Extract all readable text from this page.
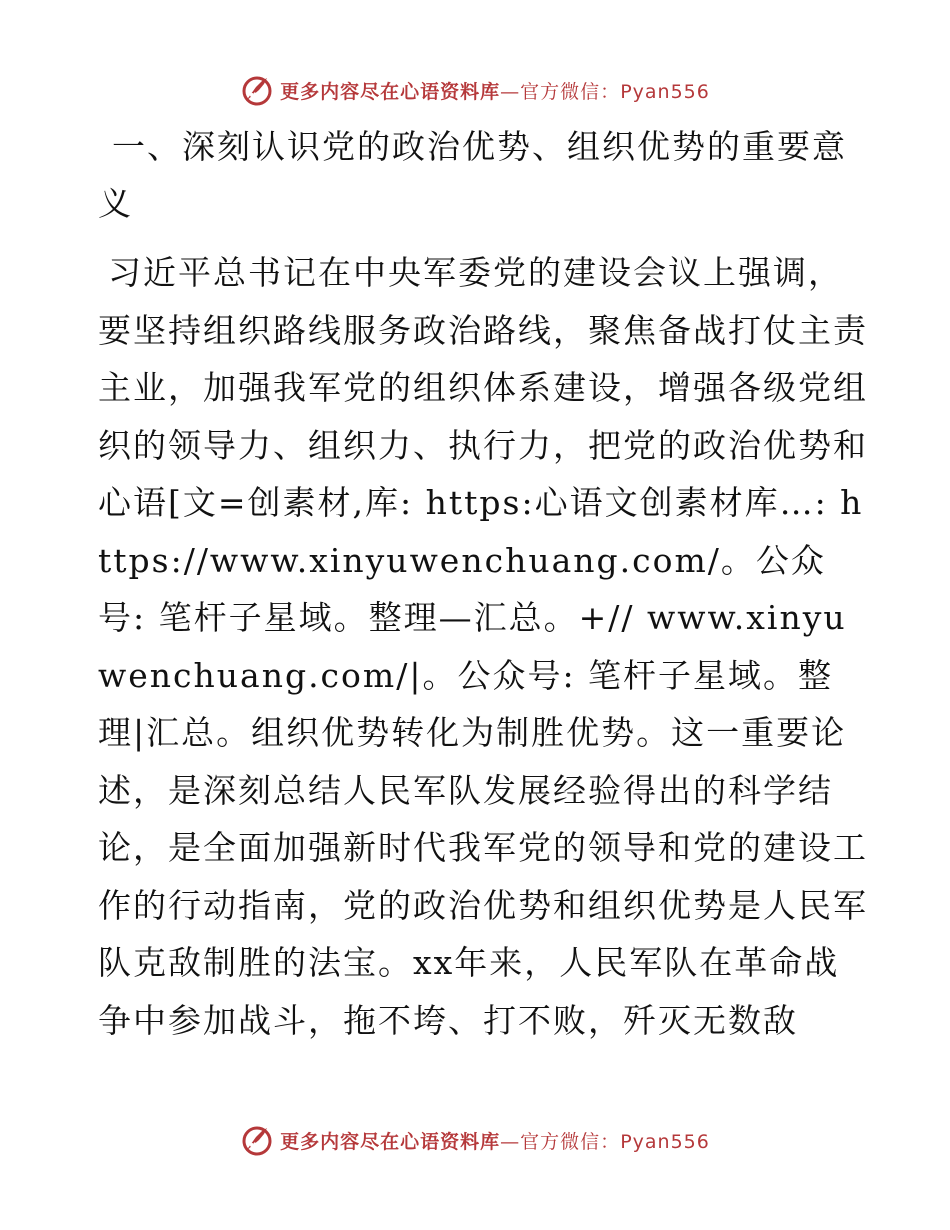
更多内容尽在心语资料库—官方微信：Pyan556
一、深刻认识党的政治优势、组织优势的重要意义

习近平总书记在中央军委党的建设会议上强调，要坚持组织路线服务政治路线，聚焦备战打仗主责主业，加强我军党的组织体系建设，增强各级党组织的领导力、组织力、执行力，把党的政治优势和心语[文=创素材,库: https:心语文创素材库…: https://www.xinyuwenchuang.com/。公众号: 笔杆子星域。整理—汇总。+// www.xinyuwenchuang.com/|。公众号: 笔杆子星域。整理|汇总。组织优势转化为制胜优势。这一重要论述，是深刻总结人民军队发展经验得出的科学结论，是全面加强新时代我军党的领导和党的建设工作的行动指南，党的政治优势和组织优势是人民军队克敌制胜的法宝。xx年来，人民军队在革命战争中参加战斗，拖不垮、打不败，歼灭无数敌

更多内容尽在心语资料库—官方微信：Pyan556
